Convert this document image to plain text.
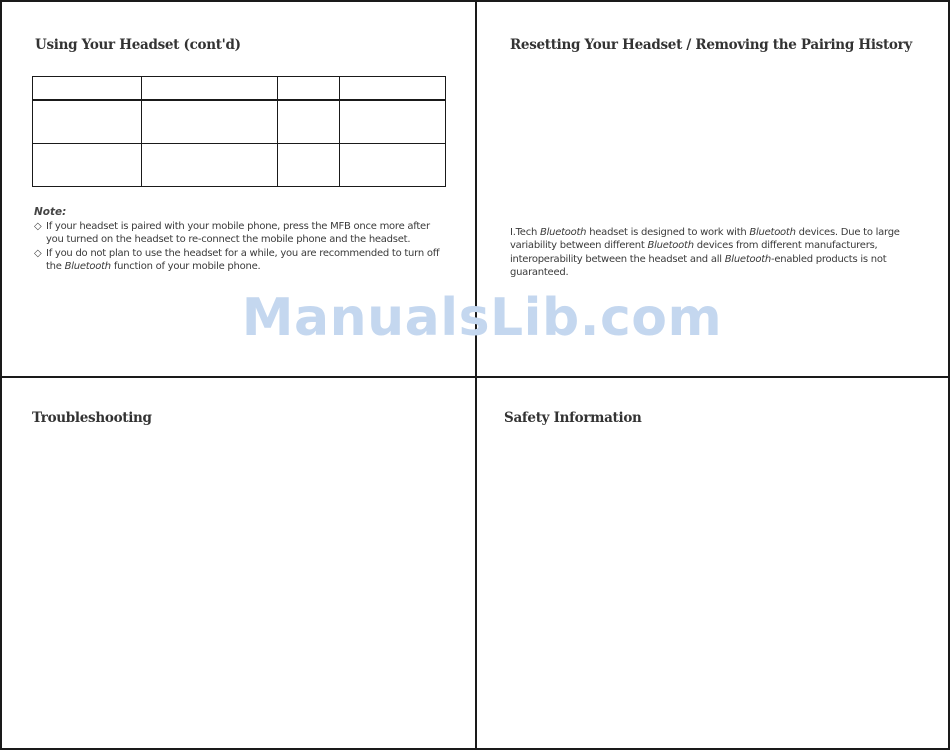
Using Your Headset (cont'd)

Note:
◇ If your headset is paired with your mobile phone, press the MFB once more after you turned on the headset to re-connect the mobile phone and the headset.
◇ If you do not plan to use the headset for a while, you are recommended to turn off the Bluetooth function of your mobile phone.
Resetting Your Headset / Removing the Pairing History

I.Tech Bluetooth headset is designed to work with Bluetooth devices. Due to large variability between different Bluetooth devices from different manufacturers, interoperability between the headset and all Bluetooth-enabled products is not guaranteed.

Troubleshooting	Safety Information
ManualsLib.com
